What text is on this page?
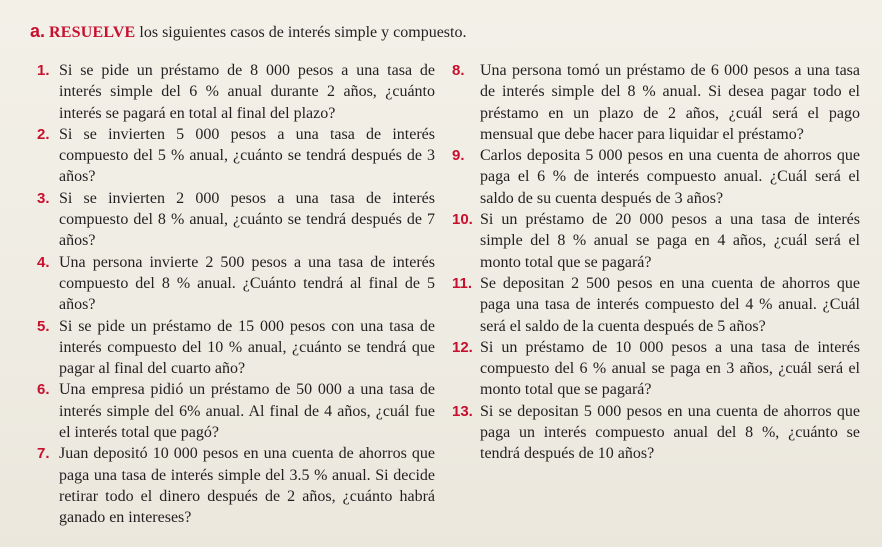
a. RESUELVE los siguientes casos de interés simple y compuesto.
1. Si se pide un préstamo de 8 000 pesos a una tasa de interés simple del 6 % anual durante 2 años, ¿cuánto interés se pagará en total al final del plazo?
2. Si se invierten 5 000 pesos a una tasa de interés compuesto del 5 % anual, ¿cuánto se tendrá después de 3 años?
3. Si se invierten 2 000 pesos a una tasa de interés compuesto del 8 % anual, ¿cuánto se tendrá después de 7 años?
4. Una persona invierte 2 500 pesos a una tasa de interés compuesto del 8 % anual. ¿Cuánto tendrá al final de 5 años?
5. Si se pide un préstamo de 15 000 pesos con una tasa de interés compuesto del 10 % anual, ¿cuánto se tendrá que pagar al final del cuarto año?
6. Una empresa pidió un préstamo de 50 000 a una tasa de interés simple del 6% anual. Al final de 4 años, ¿cuál fue el interés total que pagó?
7. Juan depositó 10 000 pesos en una cuenta de ahorros que paga una tasa de interés simple del 3.5 % anual. Si decide retirar todo el dinero después de 2 años, ¿cuánto habrá ganado en intereses?
8. Una persona tomó un préstamo de 6 000 pesos a una tasa de interés simple del 8 % anual. Si desea pagar todo el préstamo en un plazo de 2 años, ¿cuál será el pago mensual que debe hacer para liquidar el préstamo?
9. Carlos deposita 5 000 pesos en una cuenta de ahorros que paga el 6 % de interés compuesto anual. ¿Cuál será el saldo de su cuenta después de 3 años?
10. Si un préstamo de 20 000 pesos a una tasa de interés simple del 8 % anual se paga en 4 años, ¿cuál será el monto total que se pagará?
11. Se depositan 2 500 pesos en una cuenta de ahorros que paga una tasa de interés compuesto del 4 % anual. ¿Cuál será el saldo de la cuenta después de 5 años?
12. Si un préstamo de 10 000 pesos a una tasa de interés compuesto del 6 % anual se paga en 3 años, ¿cuál será el monto total que se pagará?
13. Si se depositan 5 000 pesos en una cuenta de ahorros que paga un interés compuesto anual del 8 %, ¿cuánto se tendrá después de 10 años?
